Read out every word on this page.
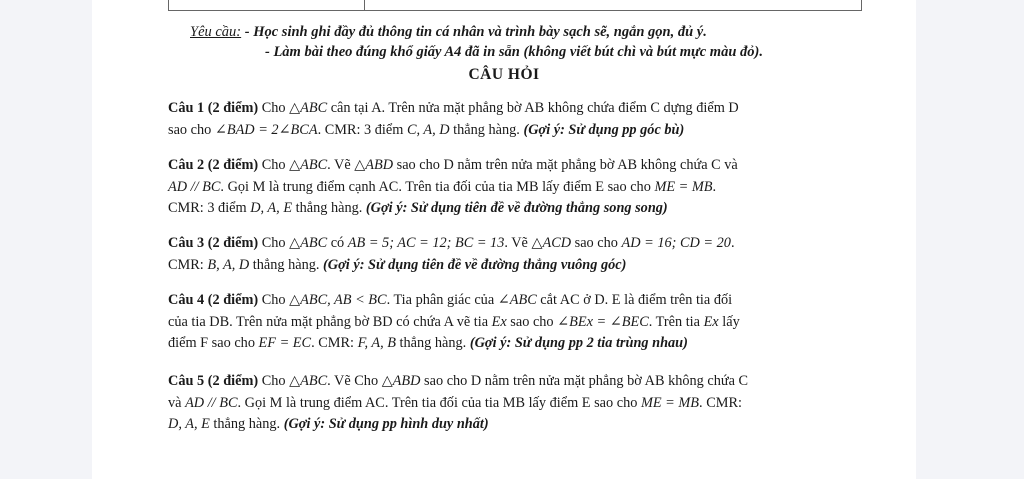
Yêu cầu: - Học sinh ghi đầy đủ thông tin cá nhân và trình bày sạch sẽ, ngắn gọn, đủ ý.
- Làm bài theo đúng khổ giấy A4 đã in sẵn (không viết bút chì và bút mực màu đỏ).
CÂU HỎI
Câu 1 (2 điểm) Cho △ABC cân tại A. Trên nửa mặt phẳng bờ AB không chứa điểm C dựng điểm D
sao cho ∠BAD = 2∠BCA. CMR: 3 điểm C, A, D thẳng hàng. (Gợi ý: Sử dụng pp góc bù)
Câu 2 (2 điểm) Cho △ABC. Vẽ △ABD sao cho D nằm trên nửa mặt phẳng bờ AB không chứa C và
AD // BC. Gọi M là trung điểm cạnh AC. Trên tia đối của tia MB lấy điểm E sao cho ME = MB.
CMR: 3 điểm D, A, E thẳng hàng. (Gợi ý: Sử dụng tiên đề về đường thẳng song song)
Câu 3 (2 điểm) Cho △ABC có AB = 5; AC = 12; BC = 13. Vẽ △ACD sao cho AD = 16; CD = 20.
CMR: B, A, D thẳng hàng. (Gợi ý: Sử dụng tiên đề về đường thẳng vuông góc)
Câu 4 (2 điểm) Cho △ABC, AB < BC. Tia phân giác của ∠ABC cắt AC ở D. E là điểm trên tia đối
của tia DB. Trên nửa mặt phẳng bờ BD có chứa A vẽ tia Ex sao cho ∠BEx = ∠BEC. Trên tia Ex lấy
điểm F sao cho EF = EC. CMR: F, A, B thẳng hàng. (Gợi ý: Sử dụng pp 2 tia trùng nhau)
Câu 5 (2 điểm) Cho △ABC. Vẽ Cho △ABD sao cho D nằm trên nửa mặt phẳng bờ AB không chứa C
và AD // BC. Gọi M là trung điểm AC. Trên tia đối của tia MB lấy điểm E sao cho ME = MB. CMR:
D, A, E thẳng hàng. (Gợi ý: Sử dụng pp hình duy nhất)
